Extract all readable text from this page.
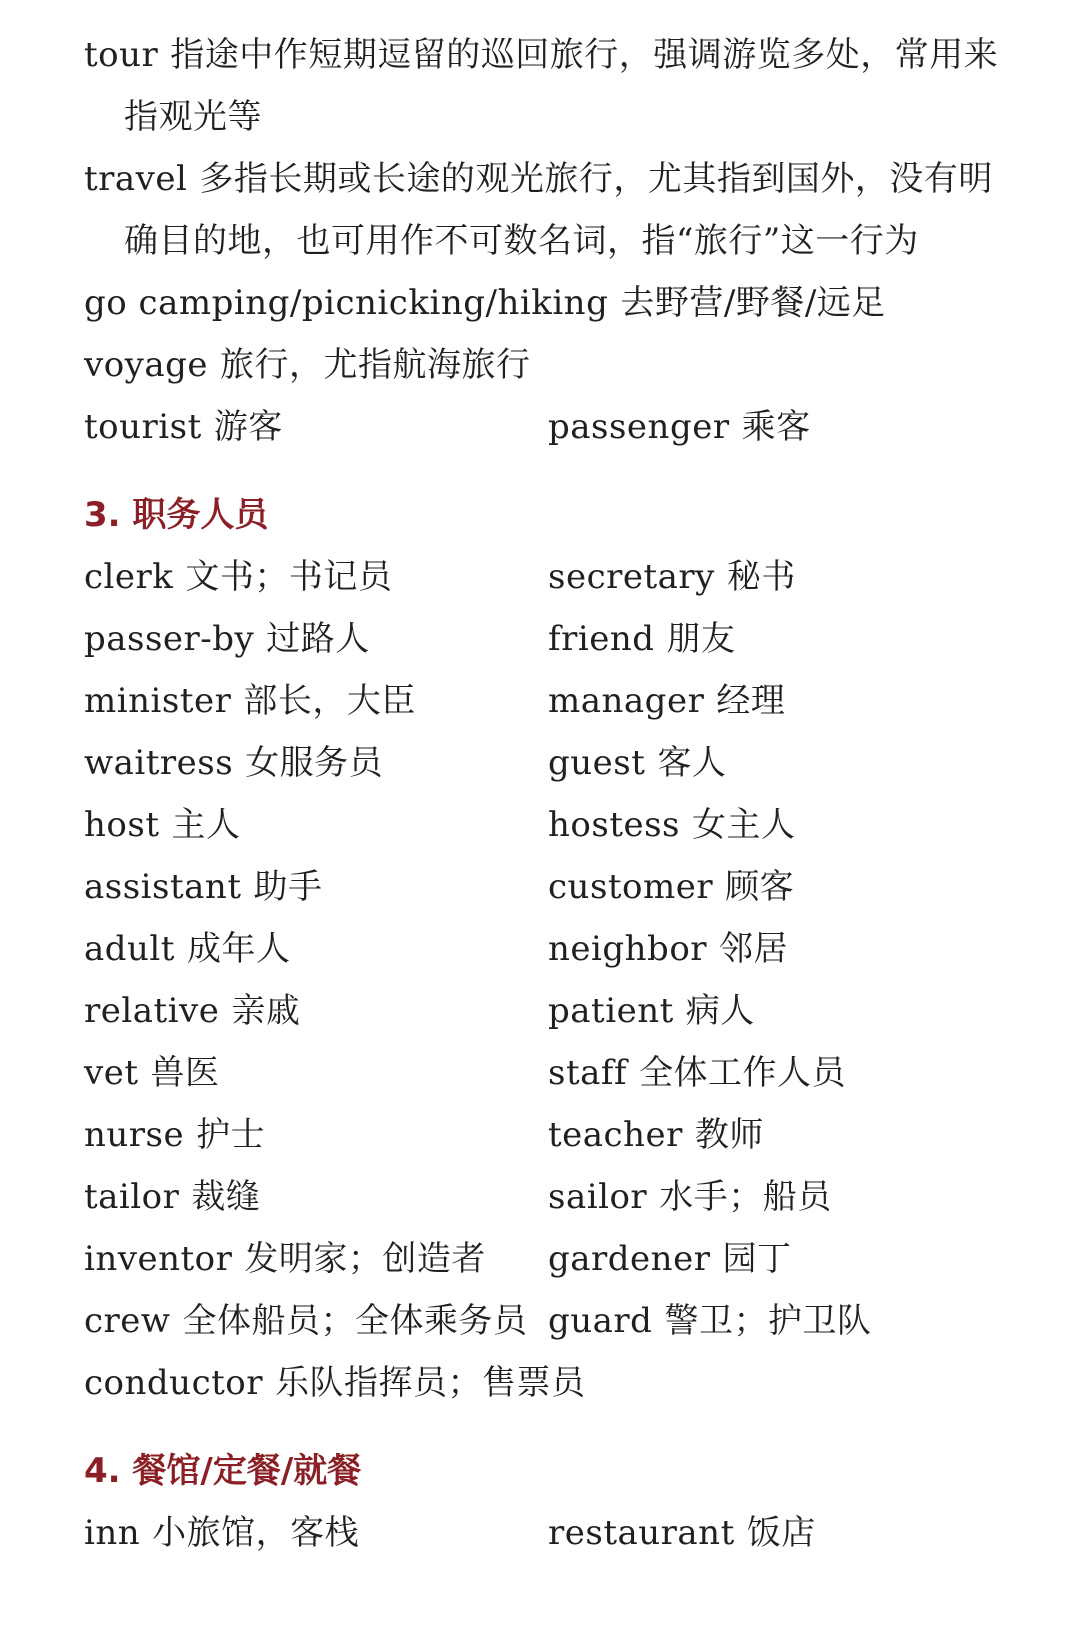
tour 指途中作短期逗留的巡回旅行，强调游览多处，常用来指观光等
travel 多指长期或长途的观光旅行，尤其指到国外，没有明确目的地，也可用作不可数名词，指“旅行”这一行为
go camping/picnicking/hiking 去野营/野餐/远足
voyage 旅行，尤指航海旅行
tourist 游客	passenger 乘客
3. 职务人员
clerk 文书；书记员	secretary 秘书
passer-by 过路人	friend 朋友
minister 部长，大臣	manager 经理
waitress 女服务员	guest 客人
host 主人	hostess 女主人
assistant 助手	customer 顾客
adult 成年人	neighbor 邻居
relative 亲戚	patient 病人
vet 兽医	staff 全体工作人员
nurse 护士	teacher 教师
tailor 裁缝	sailor 水手；船员
inventor 发明家；创造者	gardener 园丁
crew 全体船员；全体乘务员 guard 警卫；护卫队
conductor 乐队指挥员；售票员
4. 餐馆/定餐/就餐
inn 小旅馆，客栈	restaurant 饭店
